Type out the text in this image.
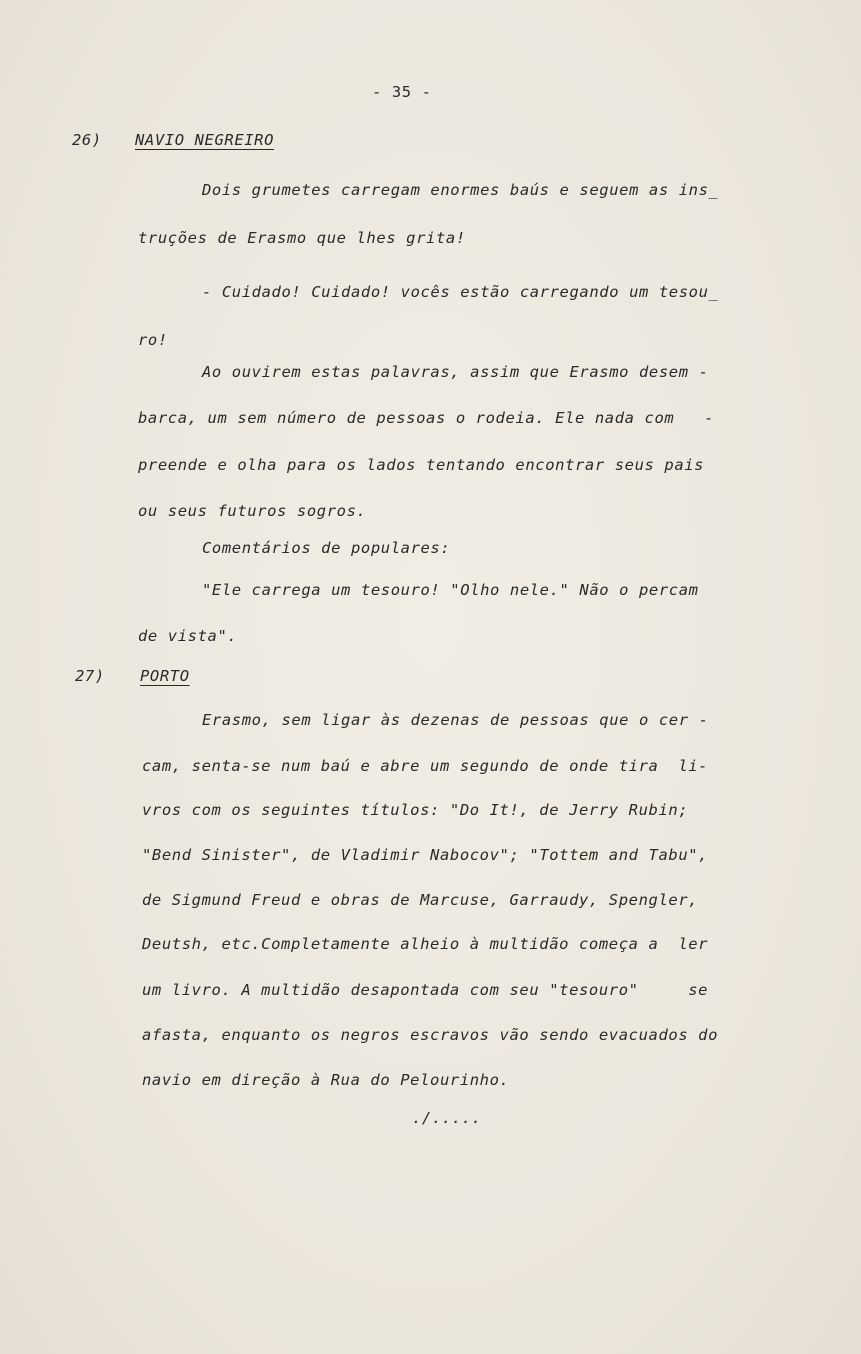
- 35 -
26) NAVIO NEGREIRO
Dois grumetes carregam enormes baús e seguem as ins_
truções de Erasmo que lhes grita!
- Cuidado! Cuidado! vocês estão carregando um tesou_
ro!
Ao ouvirem estas palavras, assim que Erasmo desem -
barca, um sem número de pessoas o rodeia. Ele nada com   -
preende e olha para os lados tentando encontrar seus pais
ou seus futuros sogros.
Comentários de populares:
"Ele carrega um tesouro! "Olho nele." Não o percam
de vista".
27) PORTO
Erasmo, sem ligar às dezenas de pessoas que o cer -
cam, senta-se num baú e abre um segundo de onde tira  li-
vros com os seguintes títulos: "Do It!, de Jerry Rubin;
"Bend Sinister", de Vladimir Nabocov"; "Tottem and Tabu",
de Sigmund Freud e obras de Marcuse, Garraudy, Spengler,
Deutsh, etc.Completamente alheio à multidão começa a  ler
um livro. A multidão desapontada com seu "tesouro"     se
afasta, enquanto os negros escravos vão sendo evacuados do
navio em direção à Rua do Pelourinho.
./.....
